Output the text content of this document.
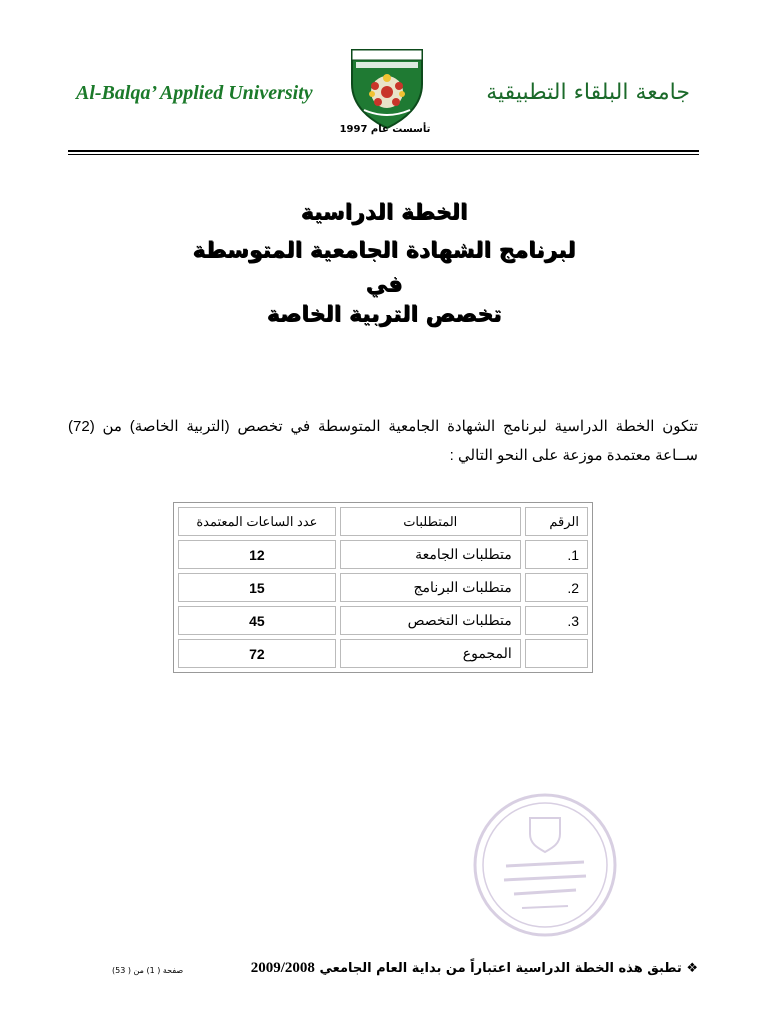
Al-Balqa’ Applied University	جامعة البلقاء التطبيقية
تأسست عام 1997
الخطة الدراسية
لبرنامج الشهادة الجامعية المتوسطة
في
تخصص التربية الخاصة
تتكون الخطة الدراسية لبرنامج الشهادة الجامعية المتوسطة في تخصص (التربية الخاصة) من (72) ســاعة معتمدة موزعة على النحو التالي :
الرقم	المتطلبات	عدد الساعات المعتمدة
1.	متطلبات الجامعة	12
2.	متطلبات البرنامج	15
3.	متطلبات التخصص	45
	المجموع	72
❖ تطبق هذه الخطة الدراسية اعتباراً من بداية العام الجامعي 2009/2008
صفحة ( 1) من ( 53)
